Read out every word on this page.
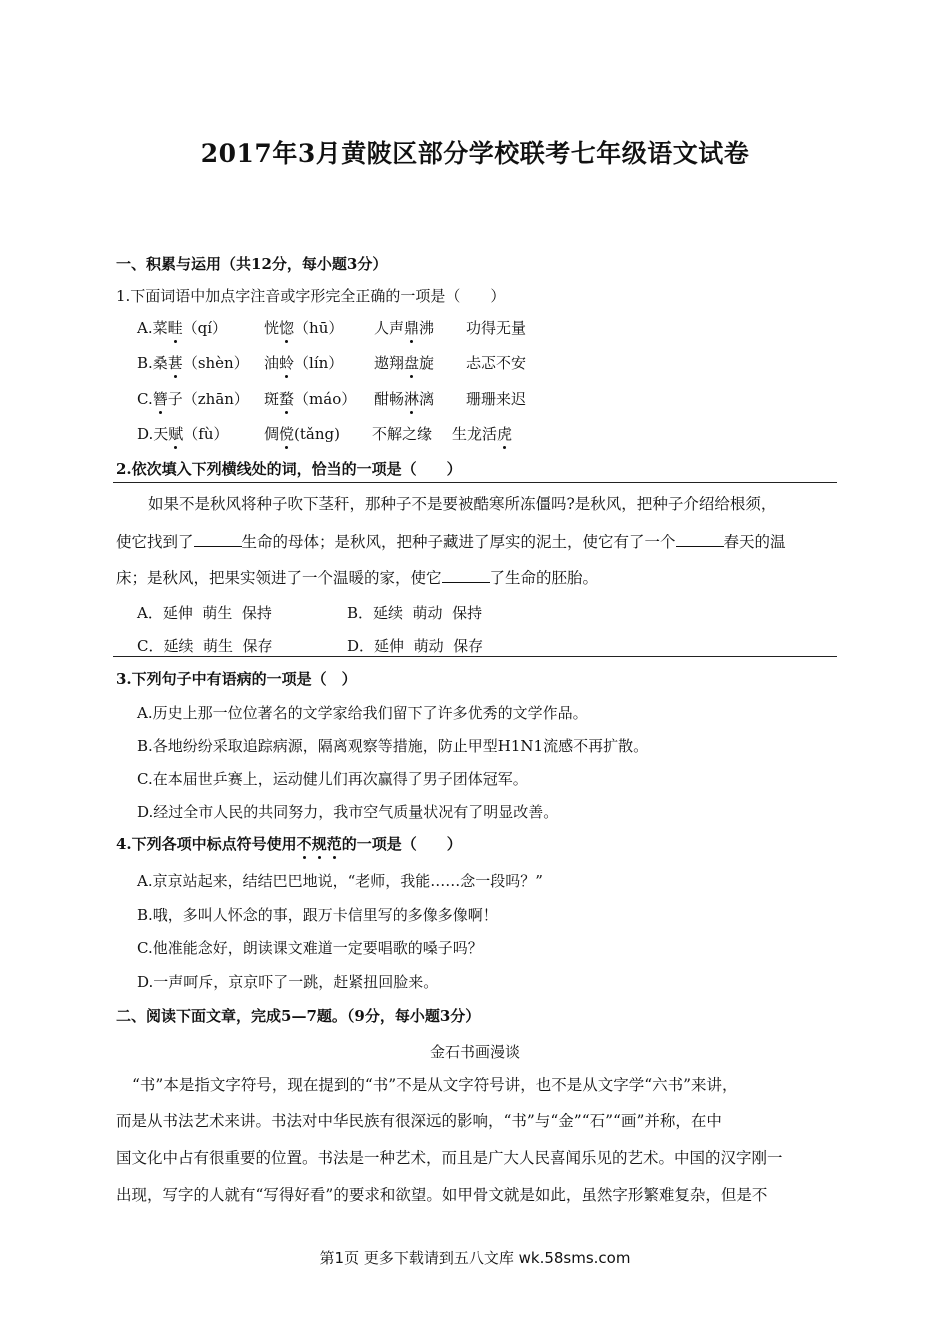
2017年3月黄陂区部分学校联考七年级语文试卷
一、积累与运用（共12分，每小题3分）
1.下面词语中加点字注音或字形完全正确的一项是（　　）
A.菜畦（qí） 恍惚（hū） 人声鼎沸 功得无量
B.桑葚（shèn） 油蛉（lín） 遨翔盘旋 忐忑不安
C.簪子（zhān） 斑蝥（máo） 酣畅淋漓 珊珊来迟
D.天赋（fù） 倜傥(tǎng) 不解之缘 生龙活虎
2.依次填入下列横线处的词，恰当的一项是（　　）
如果不是秋风将种子吹下茎秆，那种子不是要被酷寒所冻僵吗?是秋风，把种子介绍给根须，
使它找到了	生命的母体；是秋风，把种子藏进了厚实的泥土，使它有了一个	春天的温
床；是秋风，把果实领进了一个温暖的家，使它	了生命的胚胎。
A．延伸  萌生  保持	B．延续  萌动  保持
C．延续  萌生  保存	D．延伸  萌动  保存
3.下列句子中有语病的一项是（　）
A.历史上那一位位著名的文学家给我们留下了许多优秀的文学作品。
B.各地纷纷采取追踪病源，隔离观察等措施，防止甲型H1N1流感不再扩散。
C.在本届世乒赛上，运动健儿们再次赢得了男子团体冠军。
D.经过全市人民的共同努力，我市空气质量状况有了明显改善。
4.下列各项中标点符号使用不规范的一项是（　　）
A.京京站起来，结结巴巴地说，“老师，我能……念一段吗？”
B.哦，多叫人怀念的事，跟万卡信里写的多像多像啊！
C.他准能念好，朗读课文难道一定要唱歌的嗓子吗？
D.一声呵斥，京京吓了一跳，赶紧扭回脸来。
二、阅读下面文章，完成5—7题。（9分，每小题3分）
金石书画漫谈
“书”本是指文字符号，现在提到的“书”不是从文字符号讲，也不是从文字学“六书”来讲，
而是从书法艺术来讲。书法对中华民族有很深远的影响，“书”与“金”“石”“画”并称，在中
国文化中占有很重要的位置。书法是一种艺术，而且是广大人民喜闻乐见的艺术。中国的汉字刚一
出现，写字的人就有“写得好看”的要求和欲望。如甲骨文就是如此，虽然字形繁难复杂，但是不
第1页 更多下载请到五八文库 wk.58sms.com
